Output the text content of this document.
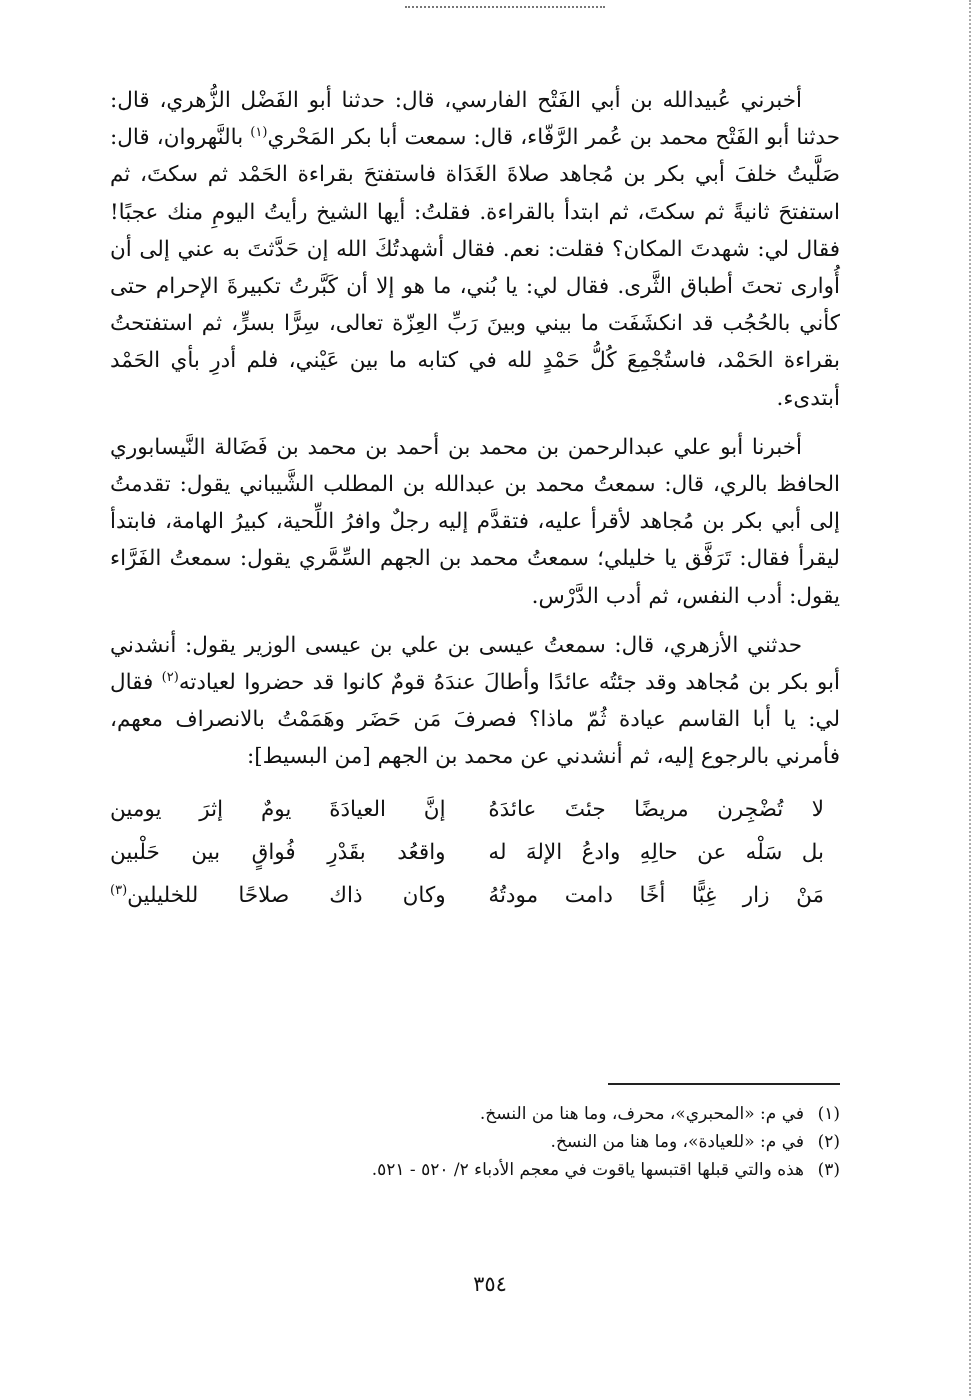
أخبرني عُبيدالله بن أبي الفَتْح الفارسي، قال: حدثنا أبو الفَضْل الزُّهري، قال: حدثنا أبو الفَتْح محمد بن عُمر الرَّفّاء، قال: سمعت أبا بكر المَحْري$^{(١)}$ بالنَّهروان، قال: صَلَّيتُ خلفَ أبي بكر بن مُجاهد صلاةَ الغَدَاة فاستفتحَ بقراءة الحَمْد ثم سكتَ، ثم استفتحَ ثانيةً ثم سكتَ، ثم ابتدأ بالقراءة. فقلتُ: أيها الشيخ رأيتُ اليومِ منك عجبًا! فقال لي: شهدتَ المكان؟ فقلت: نعم. فقال أشهدتُكَ الله إن حَدَّثتَ به عني إلى أن أُوارى تحتَ أطباق الثَّرى. فقال لي: يا بُني، ما هو إلا أن كَبَّرتُ تكبيرةَ الإحرام حتى كأني بالحُجُب قد انكشَفَت ما بيني وبينَ رَبِّ العِزّة تعالى، سِرًّا بسرٍّ، ثم استفتحتُ بقراءة الحَمْد، فاستُجْمِعَ كُلُّ حَمْدٍ لله في كتابه ما بين عَيْني، فلم أدرِ بأي الحَمْد أبتدىء.

أخبرنا أبو علي عبدالرحمن بن محمد بن أحمد بن محمد بن فَضَالة النَّيسابوري الحافظ بالري، قال: سمعتُ محمد بن عبدالله بن المطلب الشَّيباني يقول: تقدمتُ إلى أبي بكر بن مُجاهد لأقرأ عليه، فتقدَّم إليه رجلٌ وافرُ اللِّحية، كبيرُ الهامة، فابتدأ ليقرأ فقال: تَرَفَّق يا خليلي؛ سمعتُ محمد بن الجهم السِّمَّري يقول: سمعتُ الفَرَّاء يقول: أدب النفس، ثم أدب الدَّرْس.

حدثني الأزهري، قال: سمعتُ عيسى بن علي بن عيسى الوزير يقول: أنشدني أبو بكر بن مُجاهد وقد جئتُه عائدًا وأطالَ عندَهُ قومٌ كانوا قد حضروا لعيادته$^{(٢)}$ فقال لي: يا أبا القاسم عيادة ثُمّ ماذا؟ فصرفَ مَن حَضَر وهَمَمْتُ بالانصراف معهم، فأمرني بالرجوع إليه، ثم أنشدني عن محمد بن الجهم [من البسيط]:

لا تُضْجِرن مريضًا جئتَ عائدَهُ
إنَّ العيادَةَ يومٌ إثرَ يومين
بل سَلْه عن حالِهِ وادعُ الإلهَ له
واقعُد بقَدْرِ فُواقٍ بين حَلْبين
مَنْ زار غِبًّا أخًا دامت مودتُهُ
وكان ذاك صلاحًا للخليلين$^{(٣)}$
(١)
في م: «المحبري»، محرف، وما هنا من النسخ.
(٢)
في م: «للعيادة»، وما هنا من النسخ.
(٣)
هذه والتي قبلها اقتبسها ياقوت في معجم الأدباء ٢/ ٥٢٠ - ٥٢١.
٣٥٤
